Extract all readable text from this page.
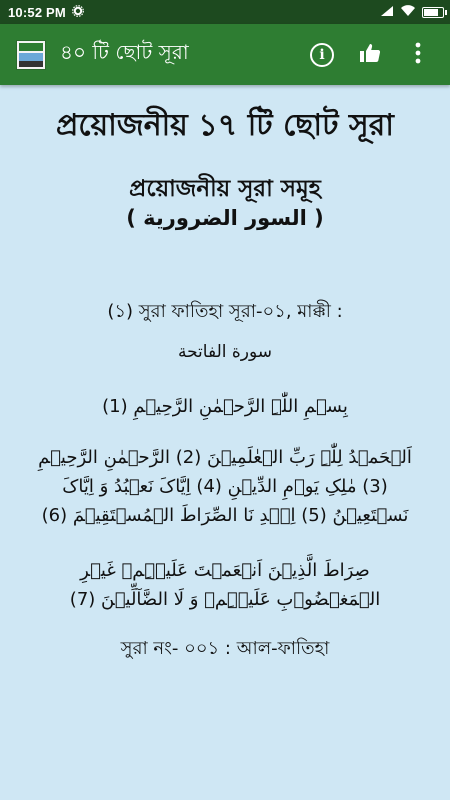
10:52 PM
৪০ টি ছোট সূরা	i
প্রয়োজনীয় ১৭ টি ছোট সূরা
প্রয়োজনীয় সূরা সমূহ
( السور الضرورية )
(১) সুরা ফাতিহা সূরা-০১, মাক্কী :
سورة الفاتحة
بِسۡمِ اللّٰہِ الرَّحۡمٰنِ الرَّحِیۡمِ (1)
اَلۡحَمۡدُ لِلّٰہِ رَبِّ الۡعٰلَمِیۡنَ (2) الرَّحۡمٰنِ الرَّحِیۡمِ (3) مٰلِکِ یَوۡمِ الدِّیۡنِ (4) اِیَّاکَ نَعۡبُدُ وَ اِیَّاکَ نَسۡتَعِیۡنُ (5) اِہۡدِ نَا الصِّرَاطَ الۡمُسۡتَقِیۡمَ (6)
صِرَاطَ الَّذِیۡنَ اَنۡعَمۡتَ عَلَیۡہِمۡ غَیۡرِ الۡمَغۡضُوۡبِ عَلَیۡہِمۡ وَ لَا الضَّآلِّیۡنَ (7)
সুরা নং- ০০১ : আল-ফাতিহা
